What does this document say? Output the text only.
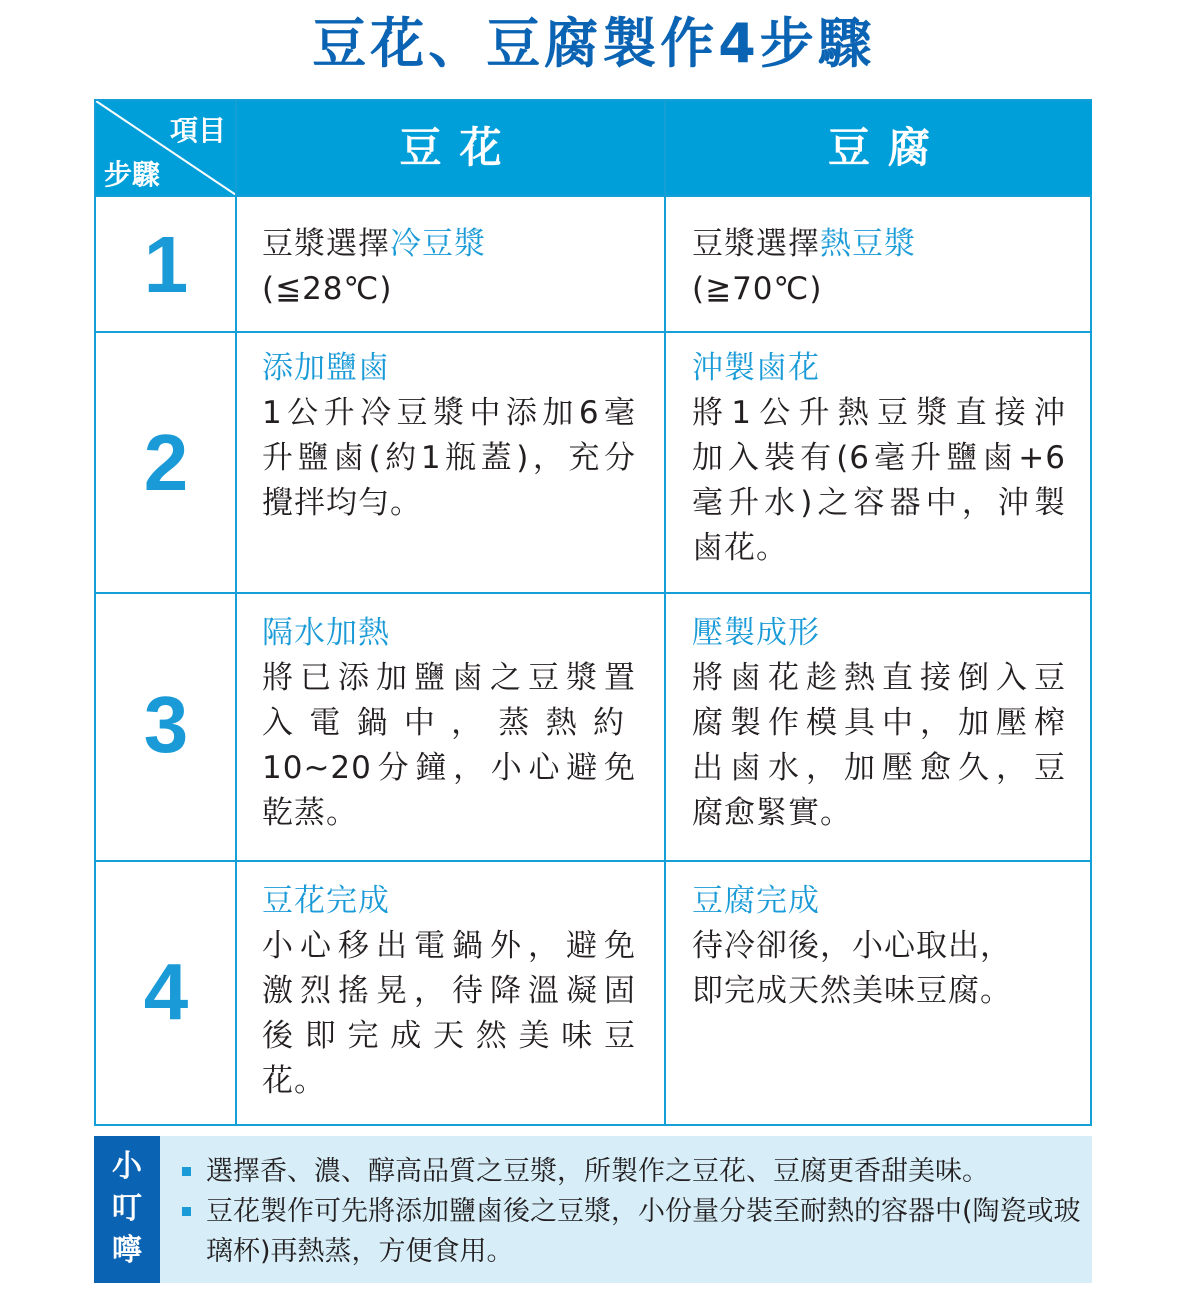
豆花、豆腐製作4步驟
項目
步驟
豆花	豆腐
1	豆漿選擇冷豆漿
(≦28℃)
豆漿選擇熱豆漿
(≧70℃)
2
添加鹽鹵
1公升冷豆漿中添加6毫
升鹽鹵(約1瓶蓋)，充分
攪拌均勻。
沖製鹵花
將1公升熱豆漿直接沖
加入裝有(6毫升鹽鹵+6
毫升水)之容器中，沖製
鹵花。
3
隔水加熱
將已添加鹽鹵之豆漿置
入電鍋中，蒸熱約
10~20分鐘，小心避免
乾蒸。
壓製成形
將鹵花趁熱直接倒入豆
腐製作模具中，加壓榨
出鹵水，加壓愈久，豆
腐愈緊實。
4
豆花完成
小心移出電鍋外，避免
激烈搖晃，待降溫凝固
後即完成天然美味豆
花。
豆腐完成
待冷卻後，小心取出，
即完成天然美味豆腐。
小
叮
嚀
選擇香、濃、醇高品質之豆漿，所製作之豆花、豆腐更香甜美味。
豆花製作可先將添加鹽鹵後之豆漿，小份量分裝至耐熱的容器中(陶瓷或玻璃杯)再熱蒸，方便食用。
